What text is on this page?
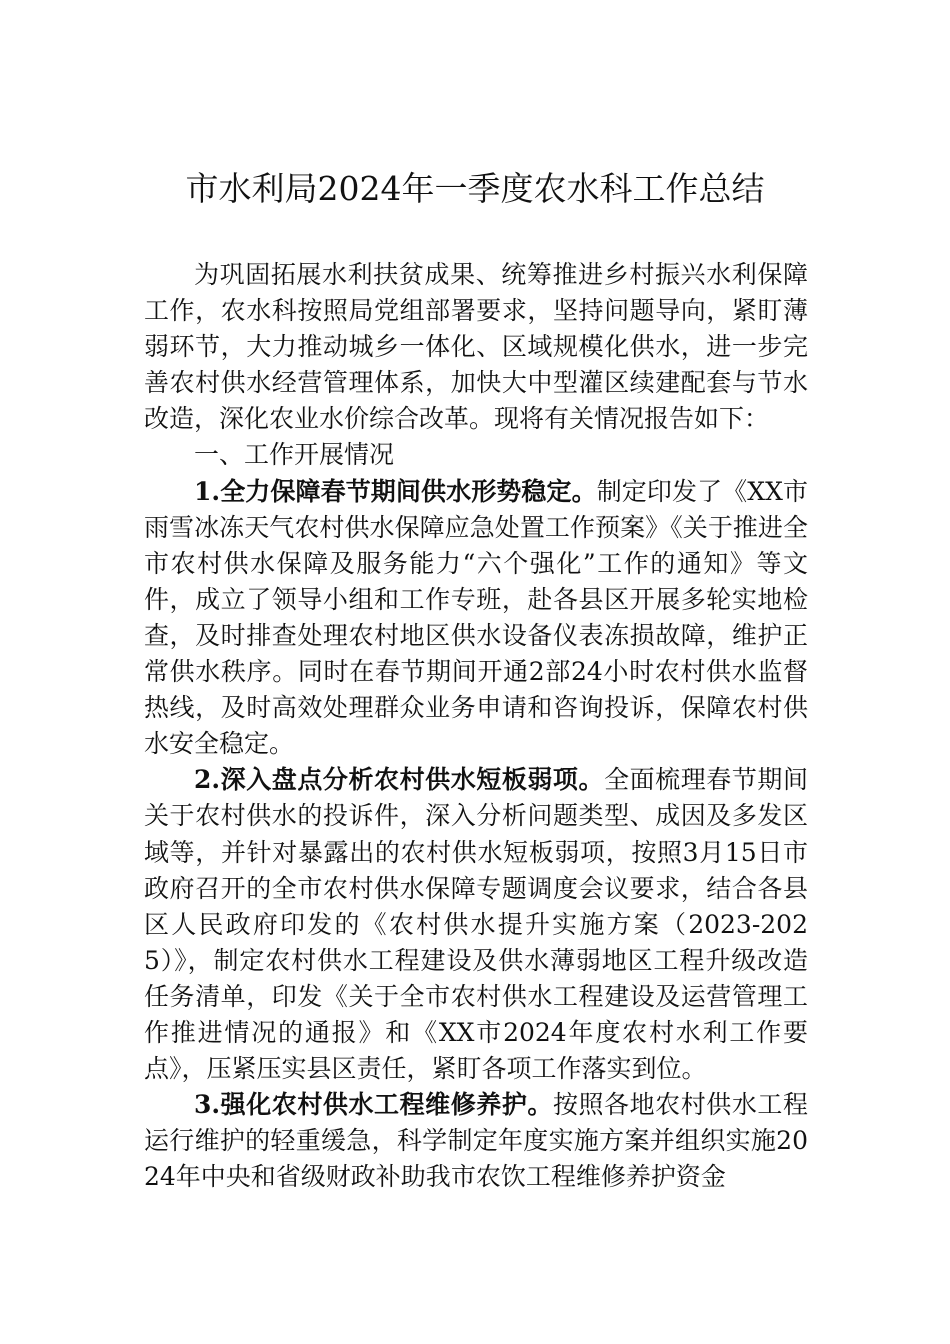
市水利局2024年一季度农水科工作总结

为巩固拓展水利扶贫成果、统筹推进乡村振兴水利保障工作，农水科按照局党组部署要求，坚持问题导向，紧盯薄弱环节，大力推动城乡一体化、区域规模化供水，进一步完善农村供水经营管理体系，加快大中型灌区续建配套与节水改造，深化农业水价综合改革。现将有关情况报告如下：

一、工作开展情况

1.全力保障春节期间供水形势稳定。制定印发了《XX市雨雪冰冻天气农村供水保障应急处置工作预案》《关于推进全市农村供水保障及服务能力“六个强化”工作的通知》等文件，成立了领导小组和工作专班，赴各县区开展多轮实地检查，及时排查处理农村地区供水设备仪表冻损故障，维护正常供水秩序。同时在春节期间开通2部24小时农村供水监督热线，及时高效处理群众业务申请和咨询投诉，保障农村供水安全稳定。

2.深入盘点分析农村供水短板弱项。全面梳理春节期间关于农村供水的投诉件，深入分析问题类型、成因及多发区域等，并针对暴露出的农村供水短板弱项，按照3月15日市政府召开的全市农村供水保障专题调度会议要求，结合各县区人民政府印发的《农村供水提升实施方案（2023-2025）》，制定农村供水工程建设及供水薄弱地区工程升级改造任务清单，印发《关于全市农村供水工程建设及运营管理工作推进情况的通报》和《XX市2024年度农村水利工作要点》，压紧压实县区责任，紧盯各项工作落实到位。

3.强化农村供水工程维修养护。按照各地农村供水工程运行维护的轻重缓急，科学制定年度实施方案并组织实施2024年中央和省级财政补助我市农饮工程维修养护资金
